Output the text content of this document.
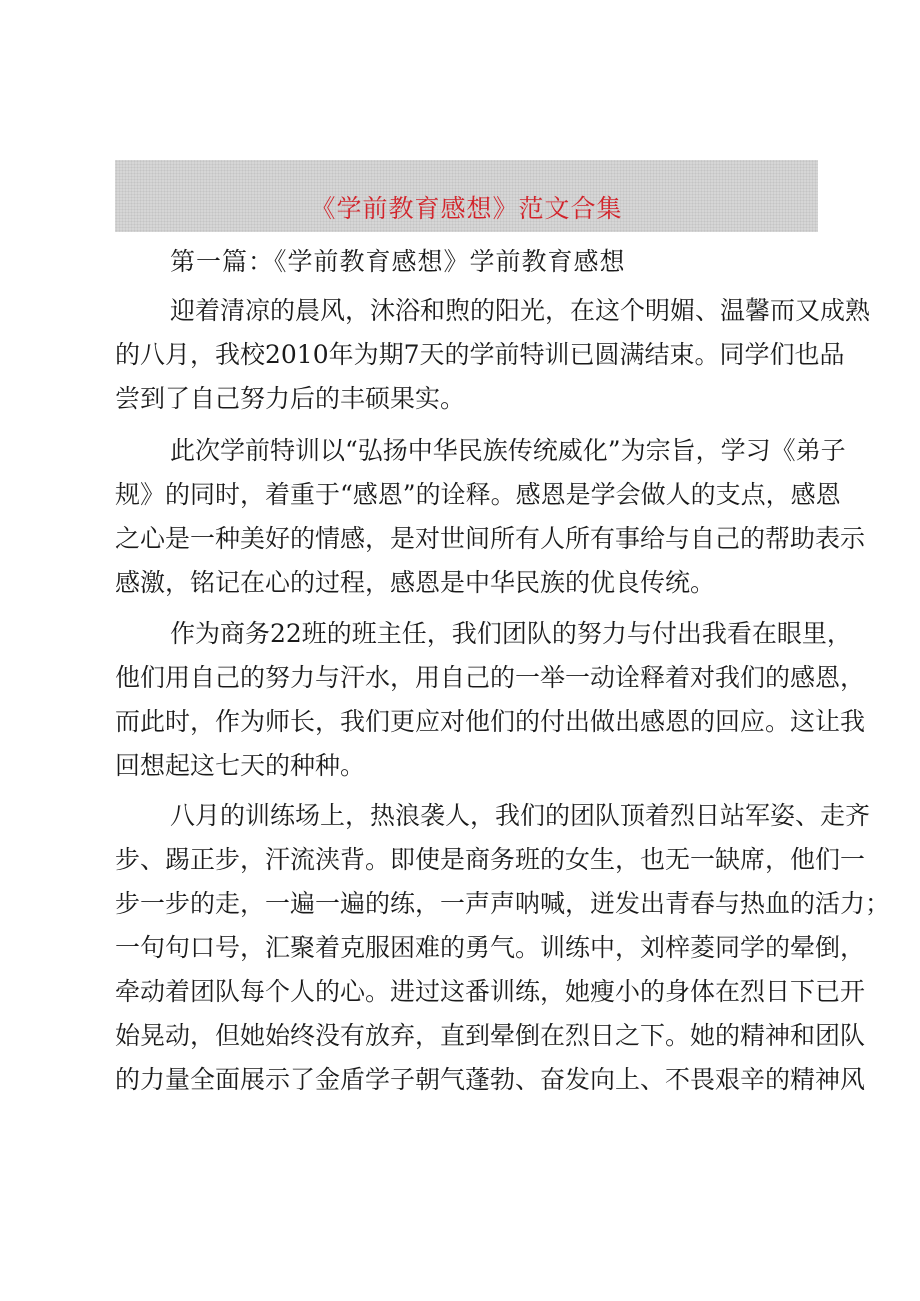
《学前教育感想》范文合集
第一篇：《学前教育感想》学前教育感想
迎着清凉的晨风，沐浴和煦的阳光，在这个明媚、温馨而又成熟
的八月，我校2010年为期7天的学前特训已圆满结束。同学们也品
尝到了自己努力后的丰硕果实。
此次学前特训以“弘扬中华民族传统威化”为宗旨，学习《弟子
规》的同时，着重于“感恩”的诠释。感恩是学会做人的支点，感恩
之心是一种美好的情感，是对世间所有人所有事给与自己的帮助表示
感激，铭记在心的过程，感恩是中华民族的优良传统。
作为商务22班的班主任，我们团队的努力与付出我看在眼里，
他们用自己的努力与汗水，用自己的一举一动诠释着对我们的感恩，
而此时，作为师长，我们更应对他们的付出做出感恩的回应。这让我
回想起这七天的种种。
八月的训练场上，热浪袭人，我们的团队顶着烈日站军姿、走齐
步、踢正步，汗流浃背。即使是商务班的女生，也无一缺席，他们一
步一步的走，一遍一遍的练，一声声呐喊，迸发出青春与热血的活力；
一句句口号，汇聚着克服困难的勇气。训练中，刘梓菱同学的晕倒，
牵动着团队每个人的心。进过这番训练，她瘦小的身体在烈日下已开
始晃动，但她始终没有放弃，直到晕倒在烈日之下。她的精神和团队
的力量全面展示了金盾学子朝气蓬勃、奋发向上、不畏艰辛的精神风
